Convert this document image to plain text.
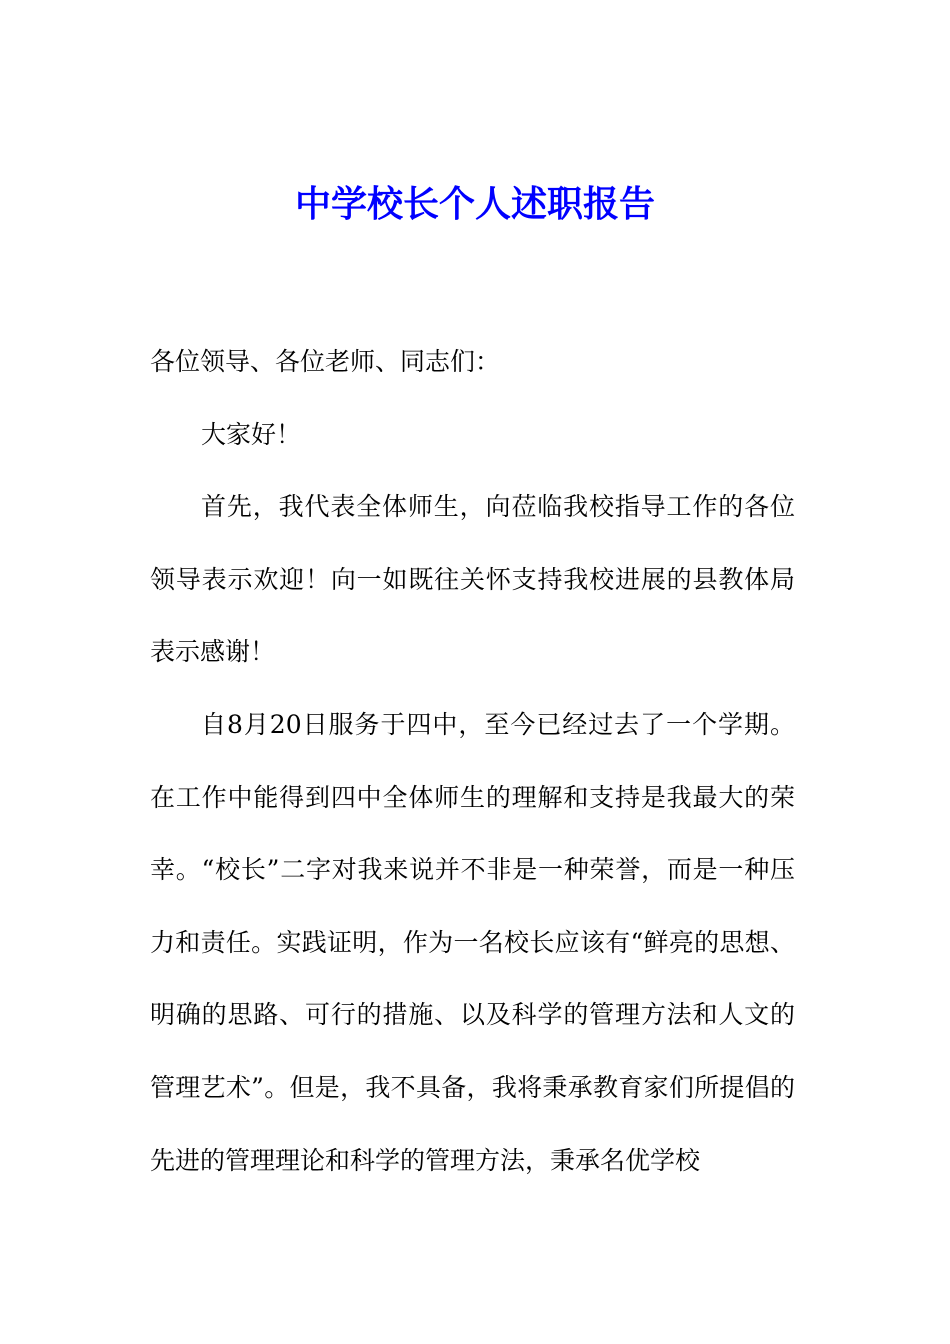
中学校长个人述职报告

各位领导、各位老师、同志们：

大家好！

首先，我代表全体师生，向莅临我校指导工作的各位领导表示欢迎！向一如既往关怀支持我校进展的县教体局表示感谢！

自8月20日服务于四中，至今已经过去了一个学期。在工作中能得到四中全体师生的理解和支持是我最大的荣幸。“校长”二字对我来说并不非是一种荣誉，而是一种压力和责任。实践证明，作为一名校长应该有“鲜亮的思想、明确的思路、可行的措施、以及科学的管理方法和人文的管理艺术”。但是，我不具备，我将秉承教育家们所提倡的先进的管理理论和科学的管理方法，秉承名优学校
